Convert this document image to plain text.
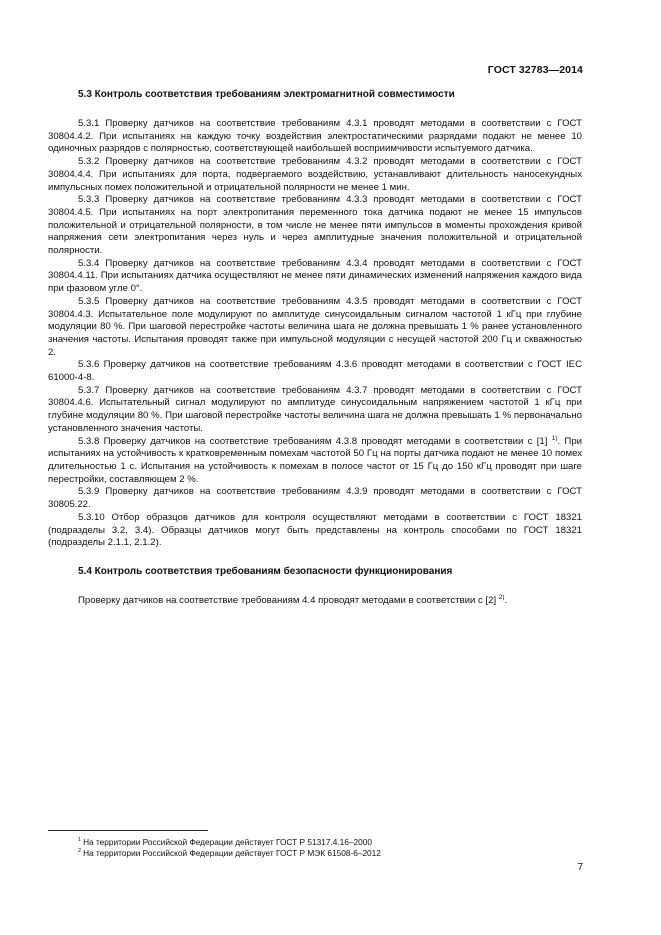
ГОСТ 32783—2014
5.3 Контроль соответствия требованиям электромагнитной совместимости

5.3.1 Проверку датчиков на соответствие требованиям 4.3.1 проводят методами в соответствии с ГОСТ 30804.4.2. При испытаниях на каждую точку воздействия электростатическими разрядами подают не менее 10 одиночных разрядов с полярностью, соответствующей наибольшей восприимчивости испытуемого датчика.

5.3.2 Проверку датчиков на соответствие требованиям 4.3.2 проводят методами в соответствии с ГОСТ 30804.4.4. При испытаниях для порта, подвергаемого воздействию, устанавливают длительность наносекундных импульсных помех положительной и отрицательной полярности не менее 1 мин.

5.3.3 Проверку датчиков на соответствие требованиям 4.3.3 проводят методами в соответствии с ГОСТ 30804.4.5. При испытаниях на порт электропитания переменного тока датчика подают не менее 15 импульсов положительной и отрицательной полярности, в том числе не менее пяти импульсов в моменты прохождения кривой напряжения сети электропитания через нуль и через амплитудные значения положительной и отрицательной полярности.

5.3.4 Проверку датчиков на соответствие требованиям 4.3.4 проводят методами в соответствии с ГОСТ 30804.4.11. При испытаниях датчика осуществляют не менее пяти динамических изменений напряжения каждого вида при фазовом угле 0°.

5.3.5 Проверку датчиков на соответствие требованиям 4.3.5 проводят методами в соответствии с ГОСТ 30804.4.3. Испытательное поле модулируют по амплитуде синусоидальным сигналом частотой 1 кГц при глубине модуляции 80 %. При шаговой перестройке частоты величина шага не должна превышать 1 % ранее установленного значения частоты. Испытания проводят также при импульсной модуляции с несущей частотой 200 Гц и скважностью 2.

5.3.6 Проверку датчиков на соответствие требованиям 4.3.6 проводят методами в соответствии с ГОСТ IEC 61000-4-8.

5.3.7 Проверку датчиков на соответствие требованиям 4.3.7 проводят методами в соответствии с ГОСТ 30804.4.6. Испытательный сигнал модулируют по амплитуде синусоидальным напряжением частотой 1 кГц при глубине модуляции 80 %. При шаговой перестройке частоты величина шага не должна превышать 1 % первоначально установленного значения частоты.

5.3.8 Проверку датчиков на соответствие требованиям 4.3.8 проводят методами в соответствии с [1] $^{1)}$. При испытаниях на устойчивость к кратковременным помехам частотой 50 Гц на порты датчика подают не менее 10 помех длительностью 1 с. Испытания на устойчивость к помехам в полосе частот от 15 Гц до 150 кГц проводят при шаге перестройки, составляющем 2 %.

5.3.9 Проверку датчиков на соответствие требованиям 4.3.9 проводят методами в соответствии с ГОСТ 30805.22.

5.3.10 Отбор образцов датчиков для контроля осуществляют методами в соответствии с ГОСТ 18321 (подразделы 3.2, 3.4). Образцы датчиков могут быть представлены на контроль способами по ГОСТ 18321 (подразделы 2.1.1, 2.1.2).

5.4 Контроль соответствия требованиям безопасности функционирования

Проверку датчиков на соответствие требованиям 4.4 проводят методами в соответствии с [2] $^{2)}$.

$^1$ На территории Российской Федерации действует ГОСТ Р 51317.4.16–2000

$^2$ На территории Российской Федерации действует ГОСТ Р МЭК 61508-6–2012

7
